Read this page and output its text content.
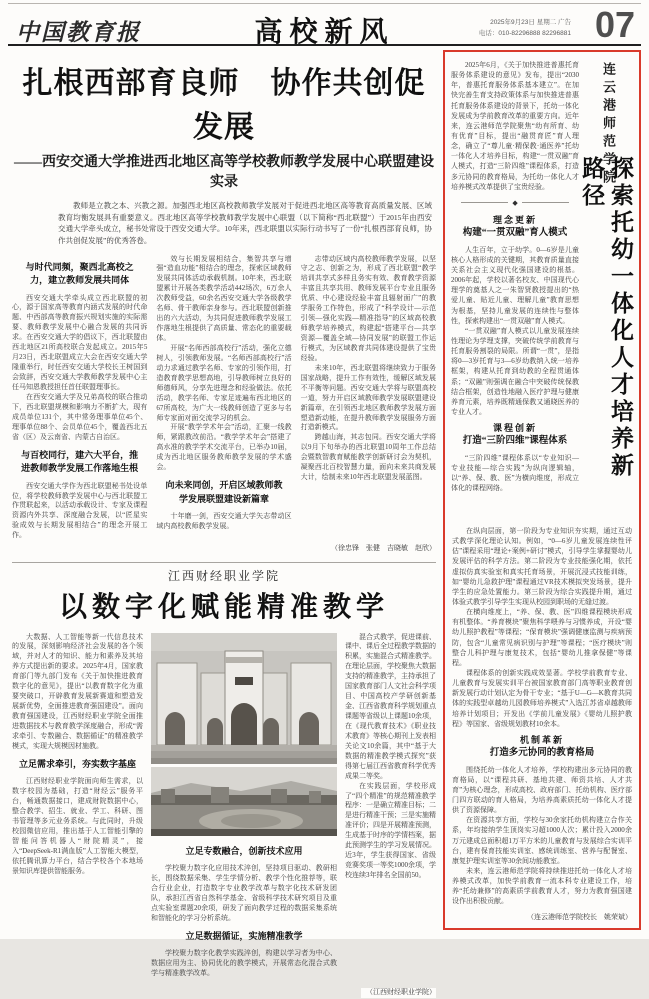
中国教育报	高校新风	2025年9月23日 星期二 广告
电话：010-82296888 82296881 07
扎根西部育良师　协作共创促发展
——西安交通大学推进西北地区高等学校教师教学发展中心联盟建设实录

教师是立教之本、兴教之源。加强西北地区高校教师教学发展对于促进西北地区高等教育高质量发展、区域教育均衡发展具有重要意义。西北地区高等学校教师教学发展中心联盟（以下简称“西北联盟”）于2015年由西安交通大学牵头成立，秘书处常设于西安交通大学。10年来，西北联盟以实际行动书写了一份“扎根西部育良师，协作共创促发展”的优秀答卷。

与时代同频，聚西北高校之力，建立教师发展共同体

西安交通大学牵头成立西北联盟的初心，源于国家高等教育内涵式发展的时代命题、中西部高等教育振兴规划实施的实际需要、教师教学发展中心融合发展的共同诉求。在西安交通大学的倡议下，西北联盟由西北地区21所高校联合发起成立。2015年5月23日，西北联盟成立大会在西安交通大学隆重举行，时任西安交通大学校长王树国到会致辞，西安交通大学教师教学发展中心主任马知恩教授担任首任联盟理事长。

在西安交通大学及兄弟高校的联合推动下，西北联盟规模和影响力不断扩大，现有成员单位131个，其中常务理事单位45个、理事单位88个、会员单位45个，覆盖西北五省（区）及云南省、内蒙古自治区。

与百校同行，建六大平台，推进教师教学发展工作落地生根

西安交通大学作为西北联盟秘书处设单位，将学校教师教学发展中心与西北联盟工作贯联起来，以活动承载设计、专家及课程资源内外共享、深度融合发展，以“匠星实验成效与长期发展相结合”的理念开展工作。

效与长期发展相结合，集智共享与增强“造血功能”相结合的理念，探索区域教师发展共同体活动承载机制。10年来，西北联盟累计开展各类教学活动442场次，6万余人次教师受益，60余名西安交通大学各级教学名师、骨干教师亲身参与。西北联盟创新推出的六大活动，为共同促进教师教学发展工作落地生根提供了高质量、常态化的重要载体。

开展“名师西部高校行”活动，强化立德树人，引领教师发展。“名师西部高校行”活动力求通过教学名师、专家的引领作用，打造教育教学思想高地，引导教师树立良好的师德师风，分享先进理念和经验做法。依托活动，教学名师、专家足迹遍布西北地区的67所高校，为广大一线教师创造了更多与名师专家面对面交流学习的机会。

开展“教学学术年会”活动，汇聚一线教师，紧跟教改前沿。“教学学术年会”搭建了高水准的教学学术交流平台，已举办10届，成为西北地区服务教师教学发展的学术盛会。

向未来同创，开启区域教师教学发展联盟建设新篇章

十年磨一剑，西安交通大学矢志带动区域内高校教师教学发展。

志带动区域内高校教师教学发展，以坚守之志、创新之为，形成了西北联盟“教学培训共享式多样且务实有效、教育教学资源丰富且共享共用、教师发展平台专业且服务优质、中心建设经验丰富且辐射面广”的教学服务工作特色，形成了“科学设计—示范引领—强化实践—精准指导”的区域高校教师教学培养模式，构建起“搭建平台—共享资源—覆盖全域—协同发展”的联盟工作运行模式，为区域教育共同体建设提供了宝贵经验。

未来10年，西北联盟将继续致力于服务国家战略，提升工作有效性，缓解区域发展不平衡等问题。西安交通大学将与联盟高校一道，努力开启区域教师教学发展联盟建设新篇章，在引领西北地区教师教学发展方面塑造新动能，在提升教师教学发展服务方面打造新模式。

跨越山海，其志包同。西安交通大学将以9月下旬举办的西北联盟10周年工作总结会暨数智教育赋能教学创新研讨会为契机，凝聚西北百校智慧力量，面向未来共商发展大计，绘制未来10年西北联盟发展蓝图。

（徐忠锋　张健　吉晓敏　赵欣）
江西财经职业学院
以数字化赋能精准教学

大数据、人工智能等新一代信息技术的发展，深刻影响经济社会发展的各个领域，并对人才的知识、能力和素养及其培养方式提出新的要求。2025年4月，国家教育部门等九部门发布《关于加快推进教育数字化的意见》，提出“以教育数字化为重要突破口，开辟教育发展新赛道和塑造发展新优势，全面推进教育强国建设”。面向教育强国建设，江西财经职业学院全面推进数据技术与教育教学深度融合，形成“需求牵引、专数融合、数据循证”的精准教学模式，实现大规模因材施教。

立足需求牵引，夯实数字基座

江西财经职业学院面向师生需求，以数字校园为基础，打造“财经云”服务平台，畅通数据接口，建成财院数据中心，整合教学、招生、就业、学工、科研、图书管理等多元业务系统。与此同时，升级校园微信应用，推出基于人工智能引擎的智能问答机器人“财院精灵”，接入“DeepSeek-R1满血版”人工智能大模型，依托腾讯算力平台，结合学校各个本地场景知识库提供智能服务。

立足专数融合，创新技术应用

学校聚力数字化应用技术淬创，坚持项目驱动、教研相长，围绕数据采集、学生学情分析、教学个性化推荐等，联合行业企业，打造数字专业教学改革与数字化技术研发团队，承担江西省自然科学基金、省级科学技术研究项目及重点实验室课题20余项，研发了面向教学过程的数据采集系统和智能化的学习分析系统。

立足数据循证，实施精准教学

学校聚力数字化教学实践淬创，构建以学习者为中心、数据应用为主、协同优化的教学模式，开展常态化混合式教学与精准教学改革。

混合式教学，促进课前、课中、课后全过程教学数据的积累，实施混合式精准教学。在理论层面，学校聚焦大数据支持的精准教学，主持承担了国家教育部门人文社会科学项目、中国高校产学研创新基金、江西省教育科学规划重点课题等省级以上课题10余项，在《现代教育技术》《职业技术教育》等核心期刊上发表相关论文10余篇，其中“基于大数据的精准教学模式探究”获得第七届江西省教育科学优秀成果二等奖。

在实践层面，学校形成了“四个精准”的规范精准教学程序：一是确立精准目标；二是进行精准干预；三是实施精准评价；四是开展精准预测，生成基于时序的学情档案，据此预测学生的学习发展情况。近3年，学生获得国家、省级竞赛奖项一等奖1000余项，学校连续3年排名全国前50。

（江西财经职业学院）

2025年6月，《关于加快推进普惠托育服务体系建设的意见》发布，提出“2030年，普惠托育服务体系基本建立”。在加快完善生育支持政策体系与加快推进普惠托育服务体系建设的背景下，托幼一体化发展成为学前教育改革的重要方向。近年来，连云港师范学院聚焦“幼有所育、幼有优育”目标，提出“融贯育匠”育人理念，确立了“尊儿童·精保教·通医养”托幼一体化人才培养目标，构建“一贯双融”育人模式，打造“三阶四维”课程体系，打造多元协同的教育格局，为托幼一体化人才培养模式改革提供了宝贵经验。

◆
理念更新
构建“一贯双融”育人模式

人生百年，立于幼学。0—6岁是儿童核心人格形成的关键期，其教育质量直接关系社会主义现代化强国建设的根基。2006年起，学校以著名校友、中国现代心理学的奠基人之一朱智贤教授提出的“热爱儿童、贴近儿童、理解儿童”教育思想为根基，坚持儿童发展的连续性与整体性，探索构建出“一贯双融”育人模式。

“一贯双融”育人模式以儿童发展连续性理论为学理支撑，突破传统学前教育与托育服务割裂的局限。所谓“一贯”，是指将0—3岁托育与3—6岁幼教纳入统一培养框架，构建从托育到幼教的全程贯通体系；“双融”则强调在融合中突破传统保教结合框架，创造性地融入医疗护理与健康养育元素，培养既精通保教又通晓医养的专业人才。

课程创新
打造“三阶四维”课程体系

“三阶四维”课程体系以“专业知识—专业技能—综合实践”为纵向逻辑轴，以“养、保、教、医”为横向维度，形成立体化的课程网络。

连云港师范学院
探索托幼一体化人才培养新路径

在纵向层面，第一阶段为专业知识夯实期，通过互动式教学深化理论认知。例如，“0—6岁儿童发展连续性评估”课程采用“理论+案例+研讨”模式，引导学生掌握婴幼儿发展评估的科学方法。第二阶段为专业技能强化期，依托虚拟仿真实验室和真实托育场景，开展沉浸式技能训练，如“婴幼儿急救护理”课程通过VR技术模拟突发场景，提升学生的应急处置能力。第三阶段为综合实践提升期，通过体验式教学引导学生实现从校园到职场的无缝过渡。

在横向维度上，“养、保、教、医”四维课程模块形成有机整体。“养育模块”聚焦科学喂养与习惯养成，开设“婴幼儿照护教程”等课程；“保育模块”强调健康监测与疾病预防，包含“儿童常见病识别与护理”等课程；“医疗模块”则整合儿科护理与康复技术，包括“婴幼儿推拿保健”等课程。

课程体系的创新实践成效显著。学校学前教育专业、儿童教育与发展实训平台被国家教育部门高等职业教育创新发展行动计划认定为骨干专业；“基于U—G—K教育共同体的实践型卓越幼儿园教师培养模式”入选江苏省卓越教师培养计划项目；开发出《学前儿童发展》《婴幼儿照护教程》等国家、省级规划教材10余本。

机制革新
打造多元协同的教育格局

围绕托幼一体化人才培养，学校构建出多元协同的教育格局，以“课程共研、基地共建、师资共培、人才共育”为核心理念，形成高校、政府部门、托幼机构、医疗部门四方联动的育人格局，为培养高素质托幼一体化人才提供了资源保障。

在资源共享方面，学校与30余家托幼机构建立合作关系，年均接纳学生顶岗实习超1000人次；累计投入2000余万元建成总面积超1万平方米的儿童教育与发展综合实训平台，建有保育技能实训室、感统训练室、营养与配餐室、康复护理实训室等30余间功能教室。

未来，连云港师范学院将持续推进托幼一体化人才培养模式改革，加快学前教育一流本科专业建设工作，培养“托幼兼修”的高素质学前教育人才，努力为教育强国建设作出积极贡献。

（连云港师范学院校长　姚荣斌）
